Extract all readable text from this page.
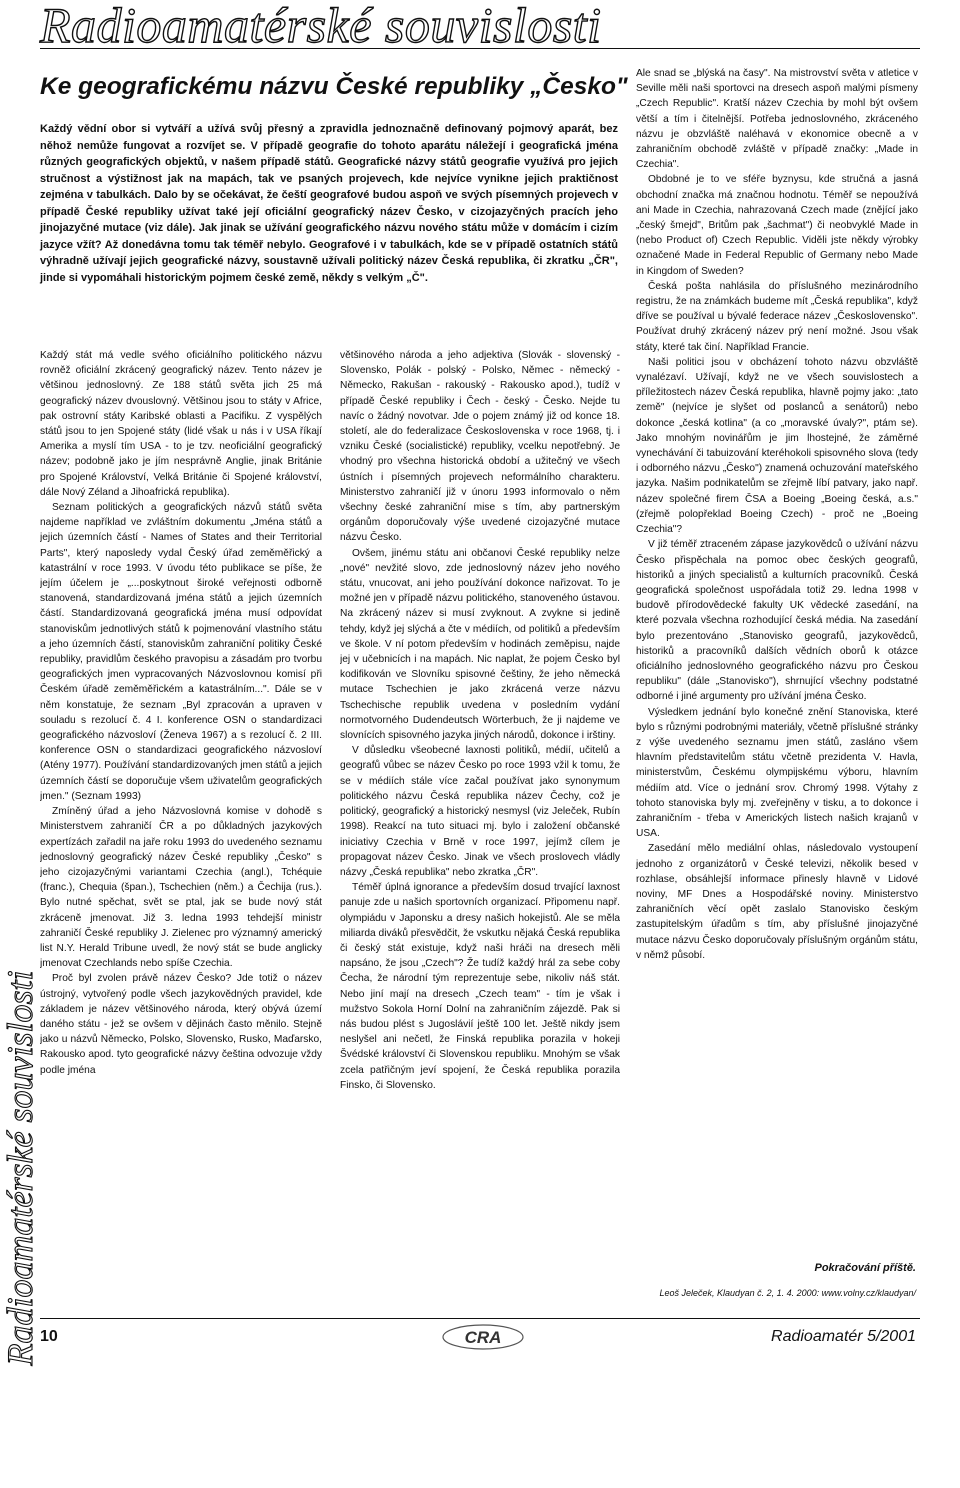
Radioamatérské souvislosti
Radioamatérské souvislosti
Ke geografickému názvu České republiky „Česko"

Každý vědní obor si vytváří a užívá svůj přesný a zpravidla jednoznačně definovaný pojmový aparát, bez něhož nemůže fungovat a rozvíjet se. V případě geografie do tohoto aparátu náležejí i geografická jména různých geografických objektů, v našem případě států. Geografické názvy států geografie využívá pro jejich stručnost a výstižnost jak na mapách, tak ve psaných projevech, kde nejvíce vynikne jejich praktičnost zejména v tabulkách. Dalo by se očekávat, že čeští geografové budou aspoň ve svých písemných projevech v případě České republiky užívat také její oficiální geografický název Česko, v cizojazyčných pracích jeho jinojazyčné mutace (viz dále). Jak jinak se užívání geografického názvu nového státu může v domácím i cizím jazyce vžít? Až donedávna tomu tak téměř nebylo. Geografové i v tabulkách, kde se v případě ostatních států výhradně užívají jejich geografické názvy, soustavně užívali politický název Česká republika, či zkratku „ČR", jinde si vypomáhali historickým pojmem české země, někdy s velkým „Č".

Každý stát má vedle svého oficiálního politického názvu rovněž oficiální zkrácený geografický název. Tento název je většinou jednoslovný. Ze 188 států světa jich 25 má geografický název dvouslovný. Většinou jsou to státy v Africe, pak ostrovní státy Karibské oblasti a Pacifiku. Z vyspělých států jsou to jen Spojené státy (lidé však u nás i v USA říkají Amerika a myslí tím USA - to je tzv. neoficiální geografický název; podobně jako je jím nesprávně Anglie, jinak Británie pro Spojené Království, Velká Británie či Spojené království, dále Nový Zéland a Jihoafrická republika).

Seznam politických a geografických názvů států světa najdeme například ve zvláštním dokumentu „Jména států a jejich územních částí - Names of States and their Territorial Parts", který naposledy vydal Český úřad zeměměřický a katastrální v roce 1993. V úvodu této publikace se píše, že jejím účelem je „...poskytnout široké veřejnosti odborně stanovená, standardizovaná jména států a jejich územních částí. Standardizovaná geografická jména musí odpovídat stanoviskům jednotlivých států k pojmenování vlastního státu a jeho územních částí, stanoviskům zahraniční politiky České republiky, pravidlům českého pravopisu a zásadám pro tvorbu geografických jmen vypracovaných Názvoslovnou komisí při Českém úřadě zeměměřickém a katastrálním...". Dále se v něm konstatuje, že seznam „Byl zpracován a upraven v souladu s rezolucí č. 4 I. konference OSN o standardizaci geografického názvosloví (Ženeva 1967) a s rezolucí č. 2 III. konference OSN o standardizaci geografického názvosloví (Atény 1977). Používání standardizovaných jmen států a jejich územních částí se doporučuje všem uživatelům geografických jmen." (Seznam 1993)

Zmíněný úřad a jeho Názvoslovná komise v dohodě s Ministerstvem zahraničí ČR a po důkladných jazykových expertízách zařadil na jaře roku 1993 do uvedeného seznamu jednoslovný geografický název České republiky „Česko" s jeho cizojazyčnými variantami Czechia (angl.), Tchéquie (franc.), Chequia (špan.), Tschechien (něm.) a Čechija (rus.). Bylo nutné spěchat, svět se ptal, jak se bude nový stát zkráceně jmenovat. Již 3. ledna 1993 tehdejší ministr zahraničí České republiky J. Zielenec pro významný americký list N.Y. Herald Tribune uvedl, že nový stát se bude anglicky jmenovat Czechlands nebo spíše Czechia.

Proč byl zvolen právě název Česko? Jde totiž o název ústrojný, vytvořený podle všech jazykovědných pravidel, kde základem je název většinového národa, který obývá území daného státu - jež se ovšem v dějinách často měnilo. Stejně jako u názvů Německo, Polsko, Slovensko, Rusko, Maďarsko, Rakousko apod. tyto geografické názvy čeština odvozuje vždy podle jména

většinového národa a jeho adjektiva (Slovák - slovenský - Slovensko, Polák - polský - Polsko, Němec - německý - Německo, Rakušan - rakouský - Rakousko apod.), tudíž v případě České republiky i Čech - český - Česko. Nejde tu navíc o žádný novotvar. Jde o pojem známý již od konce 18. století, ale do federalizace Československa v roce 1968, tj. i vzniku České (socialistické) republiky, vcelku nepotřebný. Je vhodný pro všechna historická období a užitečný ve všech ústních i písemných projevech neformálního charakteru. Ministerstvo zahraničí již v únoru 1993 informovalo o něm všechny české zahraniční mise s tím, aby partnerským orgánům doporučovaly výše uvedené cizojazyčné mutace názvu Česko.

Ovšem, jinému státu ani občanovi České republiky nelze „nové" nevžité slovo, zde jednoslovný název jeho nového státu, vnucovat, ani jeho používání dokonce nařizovat. To je možné jen v případě názvu politického, stanoveného ústavou. Na zkrácený název si musí zvyknout. A zvykne si jedině tehdy, když jej slýchá a čte v médiích, od politiků a především ve škole. V ní potom především v hodinách zeměpisu, najde jej v učebnicích i na mapách. Nic naplat, že pojem Česko byl kodifikován ve Slovníku spisovné češtiny, že jeho německá mutace Tschechien je jako zkrácená verze názvu Tschechische republik uvedena v posledním vydání normotvorného Dudendeutsch Wörterbuch, že ji najdeme ve slovnících spisovného jazyka jiných národů, dokonce i irštiny.

V důsledku všeobecné laxnosti politiků, médií, učitelů a geografů vůbec se název Česko po roce 1993 vžil k tomu, že se v médiích stále více začal používat jako synonymum politického názvu Česká republika název Čechy, což je politický, geografický a historický nesmysl (viz Jeleček, Rubín 1998). Reakcí na tuto situaci mj. bylo i založení občanské iniciativy Czechia v Brně v roce 1997, jejímž cílem je propagovat název Česko. Jinak ve všech proslovech vládly názvy „Česká republika" nebo zkratka „ČR".

Téměř úplná ignorance a především dosud trvající laxnost panuje zde u našich sportovních organizací. Připomenu např. olympiádu v Japonsku a dresy našich hokejistů. Ale se měla miliarda diváků přesvědčit, že vskutku nějaká Česká republika či český stát existuje, když naši hráči na dresech měli napsáno, že jsou „Czech"? Že tudíž každý hrál za sebe coby Čecha, že národní tým reprezentuje sebe, nikoliv náš stát. Nebo jiní mají na dresech „Czech team" - tím je však i mužstvo Sokola Horní Dolní na zahraničním zájezdě. Pak si nás budou plést s Jugoslávií ještě 100 let. Ještě nikdy jsem neslyšel ani nečetl, že Finská republika porazila v hokeji Švédské království či Slovenskou republiku. Mnohým se však zcela patřičným jeví spojení, že Česká republika porazila Finsko, či Slovensko.

Ale snad se „blýská na časy". Na mistrovství světa v atletice v Seville měli naši sportovci na dresech aspoň malými písmeny „Czech Republic". Kratší název Czechia by mohl být ovšem větší a tím i čitelnější. Potřeba jednoslovného, zkráceného názvu je obzvláště naléhavá v ekonomice obecně a v zahraničním obchodě zvláště v případě značky: „Made in Czechia".

Obdobné je to ve sféře byznysu, kde stručná a jasná obchodní značka má značnou hodnotu. Téměř se nepoužívá ani Made in Czechia, nahrazovaná Czech made (znějící jako „český šmejd", Britům pak „šachmat") či neobvyklé Made in (nebo Product of) Czech Republic. Viděli jste někdy výrobky označené Made in Federal Republic of Germany nebo Made in Kingdom of Sweden?

Česká pošta nahlásila do příslušného mezinárodního registru, že na známkách budeme mít „Česká republika", když dříve se používal u bývalé federace název „Československo". Používat druhý zkrácený název prý není možné. Jsou však státy, které tak činí. Například Francie.

Naši politici jsou v obcházení tohoto názvu obzvláště vynalézaví. Užívají, když ne ve všech souvislostech a příležitostech název Česká republika, hlavně pojmy jako: „tato země" (nejvíce je slyšet od poslanců a senátorů) nebo dokonce „česká kotlina" (a co „moravské úvaly?", ptám se). Jako mnohým novinářům je jim lhostejné, že záměrné vynechávání či tabuizování kteréhokoli spisovného slova (tedy i odborného názvu „Česko") znamená ochuzování mateřského jazyka. Našim podnikatelům se zřejmě líbí patvary, jako např. název společné firem ČSA a Boeing „Boeing česká, a.s." (zřejmě polopřeklad Boeing Czech) - proč ne „Boeing Czechia"?

V již téměř ztraceném zápase jazykovědců o užívání názvu Česko přispěchala na pomoc obec českých geografů, historiků a jiných specialistů a kulturních pracovníků. Česká geografická společnost uspořádala totiž 29. ledna 1998 v budově přírodovědecké fakulty UK vědecké zasedání, na které pozvala všechna rozhodující česká média. Na zasedání bylo prezentováno „Stanovisko geografů, jazykovědců, historiků a pracovníků dalších vědních oborů k otázce oficiálního jednoslovného geografického názvu pro Českou republiku" (dále „Stanovisko"), shrnující všechny podstatné odborné i jiné argumenty pro užívání jména Česko.

Výsledkem jednání bylo konečné znění Stanoviska, které bylo s různými podrobnými materiály, včetně příslušné stránky z výše uvedeného seznamu jmen států, zasláno všem hlavním představitelům státu včetně prezidenta V. Havla, ministerstvům, Českému olympijskému výboru, hlavním médiím atd. Více o jednání srov. Chromý 1998. Výtahy z tohoto stanoviska byly mj. zveřejněny v tisku, a to dokonce i zahraničním - třeba v Amerických listech našich krajanů v USA.

Zasedání mělo mediální ohlas, následovalo vystoupení jednoho z organizátorů v České televizi, několik besed v rozhlase, obsáhlejší informace přinesly hlavně v Lidové noviny, MF Dnes a Hospodářské noviny. Ministerstvo zahraničních věcí opět zaslalo Stanovisko českým zastupitelským úřadům s tím, aby příslušné jinojazyčné mutace názvu Česko doporučovaly příslušným orgánům státu, v němž působí.

Pokračování příště.
Leoš Jeleček, Klaudyan č. 2, 1. 4. 2000: www.volny.cz/klaudyan/
10	CRA	Radioamatér 5/2001
